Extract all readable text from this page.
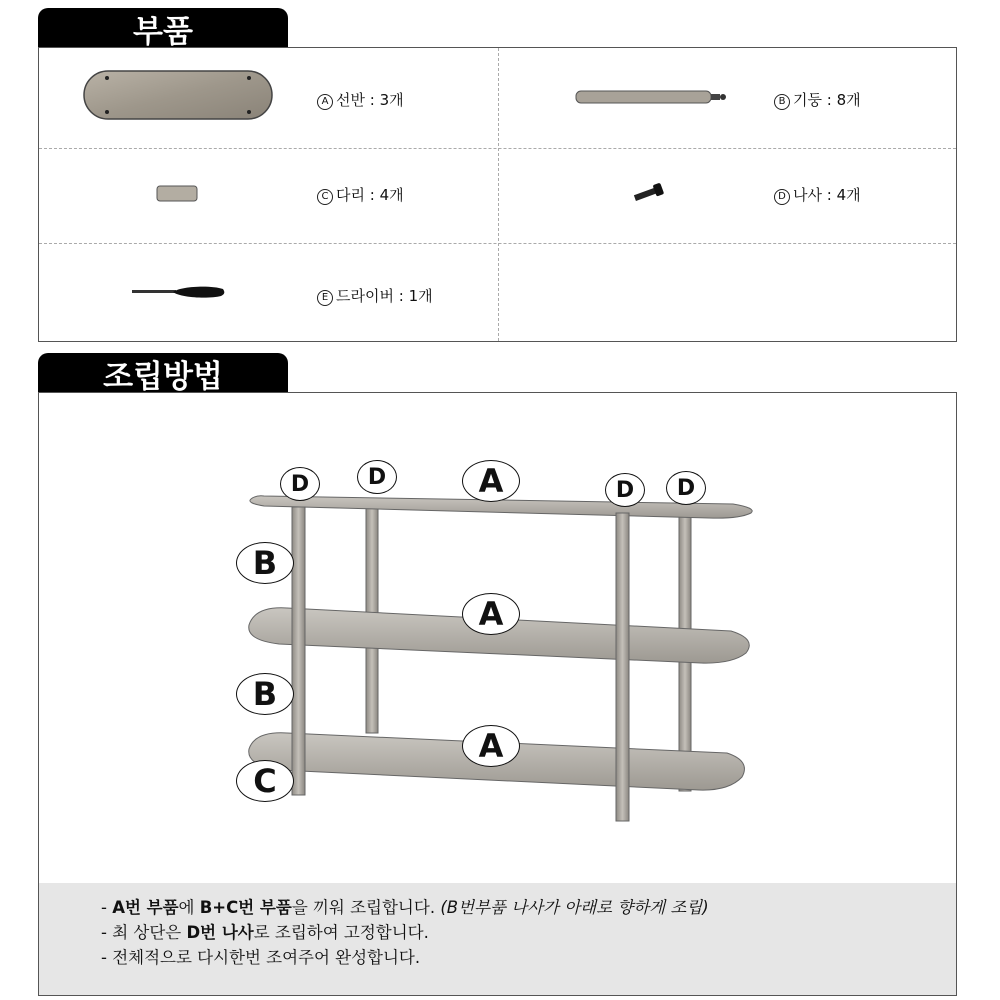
부품
A 선반 : 3개	B 기둥 : 8개
C 다리 : 4개	D 나사 : 4개
E 드라이버 : 1개
조립방법
D	D
D	D
A
A
A
B
B
C
- A번 부품에 B+C번 부품을 끼워 조립합니다. (B번부품 나사가 아래로 향하게 조립)
- 최 상단은 D번 나사로 조립하여 고정합니다.
- 전체적으로 다시한번 조여주어 완성합니다.
